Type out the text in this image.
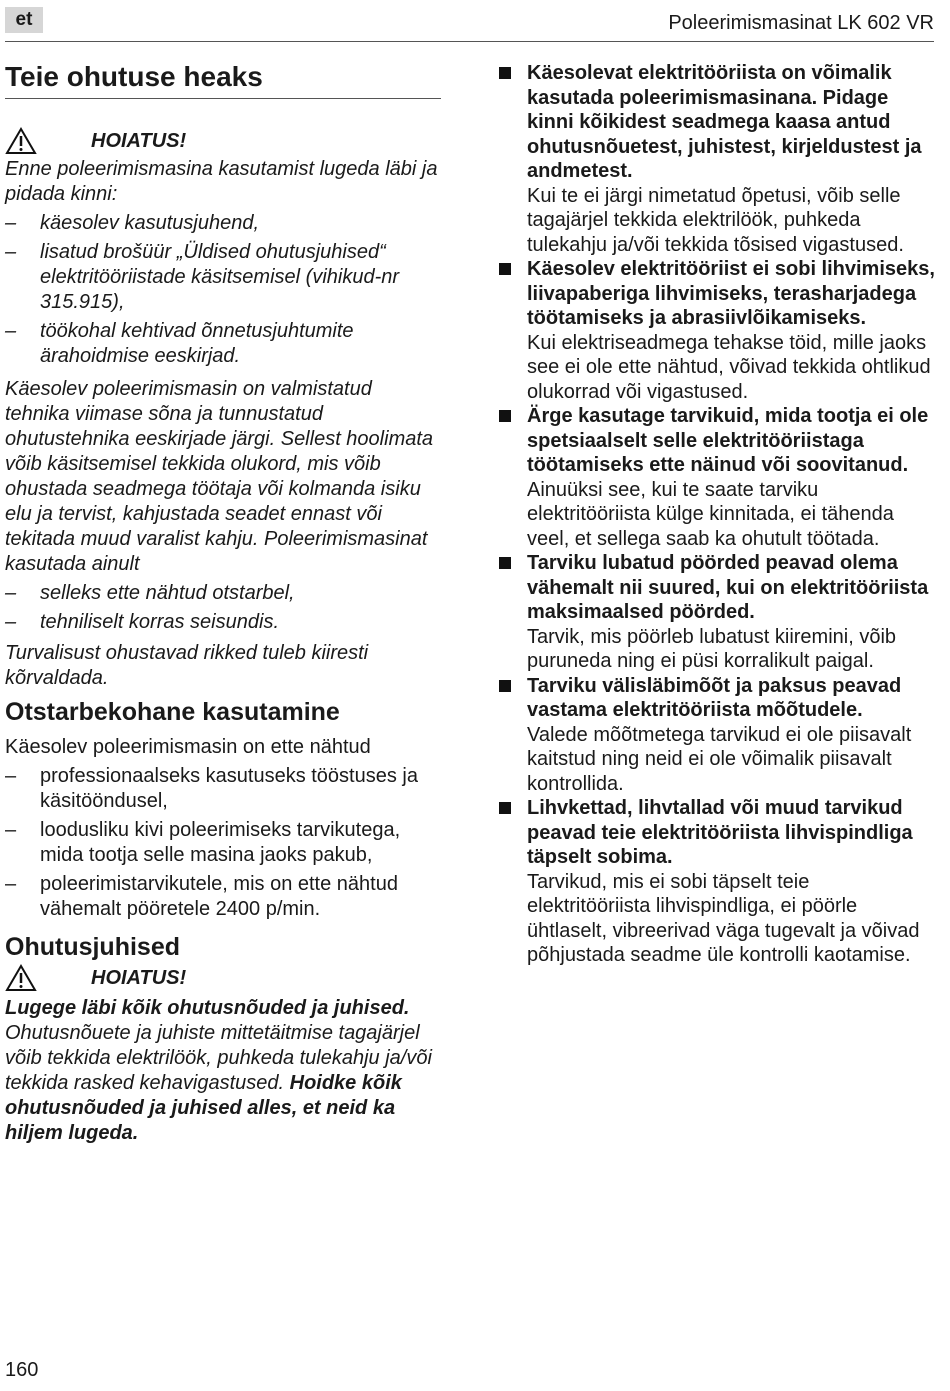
et	Poleerimismasinat LK 602 VR
Teie ohutuse heaks
HOIATUS!

Enne poleerimismasina kasutamist lugeda läbi ja pidada kinni:

–	käesolev kasutusjuhend,
–	lisatud brošüür „Üldised ohutusjuhised“ elektritööriistade käsitsemisel (vihikud-nr 315.915),
–	töökohal kehtivad õnnetusjuhtumite ärahoidmise eeskirjad.

Käesolev poleerimismasin on valmistatud tehnika viimase sõna ja tunnustatud ohutustehnika eeskirjade järgi. Sellest hoolimata võib käsitsemisel tekkida olukord, mis võib ohustada seadmega töötaja või kolmanda isiku elu ja tervist, kahjustada seadet ennast või tekitada muud varalist kahju. Poleerimismasinat kasutada ainult

–	selleks ette nähtud otstarbel,
–	tehniliselt korras seisundis.

Turvalisust ohustavad rikked tuleb kiiresti kõrvaldada.

Otstarbekohane kasutamine

Käesolev poleerimismasin on ette nähtud

–	professionaalseks kasutuseks tööstuses ja käsitööndusel,
–	loodusliku kivi poleerimiseks tarvikutega, mida tootja selle masina jaoks pakub,
–	poleerimistarvikutele, mis on ette nähtud vähemalt pööretele 2400 p/min.
Ohutusjuhised
HOIATUS!

Lugege läbi kõik ohutusnõuded ja juhised. Ohutusnõuete ja juhiste mittetäitmise tagajärjel võib tekkida elektrilöök, puhkeda tulekahju ja/või tekkida rasked kehavigastused. Hoidke kõik ohutusnõuded ja juhised alles, et neid ka hiljem lugeda.

Käesolevat elektritööriista on võimalik kasutada poleerimismasinana. Pidage kinni kõikidest seadmega kaasa antud ohutusnõuetest, juhistest, kirjeldustest ja andmetest.
Kui te ei järgi nimetatud õpetusi, võib selle tagajärjel tekkida elektrilöök, puhkeda tulekahju ja/või tekkida tõsised vigastused.
Käesolev elektritööriist ei sobi lihvimiseks, liivapaberiga lihvimiseks, terasharjadega töötamiseks ja abrasiivlõikamiseks.
Kui elektriseadmega tehakse töid, mille jaoks see ei ole ette nähtud, võivad tekkida ohtlikud olukorrad või vigastused.
Ärge kasutage tarvikuid, mida tootja ei ole spetsiaalselt selle elektritööriistaga töötamiseks ette näinud või soovitanud.
Ainuüksi see, kui te saate tarviku elektritööriista külge kinnitada, ei tähenda veel, et sellega saab ka ohutult töötada.
Tarviku lubatud pöörded peavad olema vähemalt nii suured, kui on elektritööriista maksimaalsed pöörded.
Tarvik, mis pöörleb lubatust kiiremini, võib puruneda ning ei püsi korralikult paigal.
Tarviku välisläbimõõt ja paksus peavad vastama elektritööriista mõõtudele.
Valede mõõtmetega tarvikud ei ole piisavalt kaitstud ning neid ei ole võimalik piisavalt kontrollida.
Lihvkettad, lihvtallad või muud tarvikud peavad teie elektritööriista lihvispindliga täpselt sobima.
Tarvikud, mis ei sobi täpselt teie elektritööriista lihvispindliga, ei pöörle ühtlaselt, vibreerivad väga tugevalt ja võivad põhjustada seadme üle kontrolli kaotamise.
160
